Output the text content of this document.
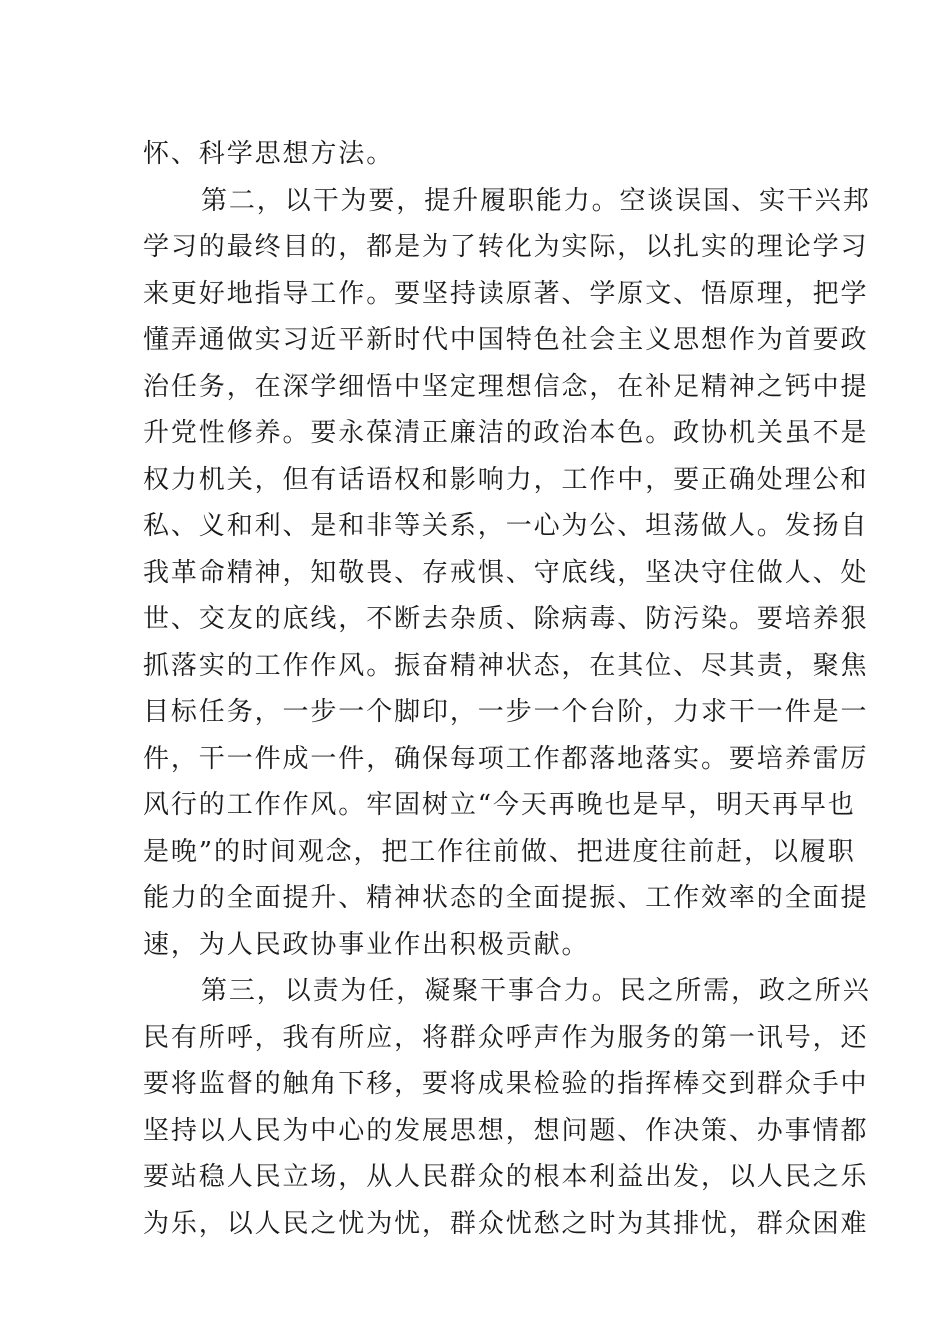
怀、科学思想方法。
第二，以干为要，提升履职能力。空谈误国、实干兴邦
学习的最终目的，都是为了转化为实际，以扎实的理论学习
来更好地指导工作。要坚持读原著、学原文、悟原理，把学
懂弄通做实习近平新时代中国特色社会主义思想作为首要政
治任务，在深学细悟中坚定理想信念，在补足精神之钙中提
升党性修养。要永葆清正廉洁的政治本色。政协机关虽不是
权力机关，但有话语权和影响力，工作中，要正确处理公和
私、义和利、是和非等关系，一心为公、坦荡做人。发扬自
我革命精神，知敬畏、存戒惧、守底线，坚决守住做人、处
世、交友的底线，不断去杂质、除病毒、防污染。要培养狠
抓落实的工作作风。振奋精神状态，在其位、尽其责，聚焦
目标任务，一步一个脚印，一步一个台阶，力求干一件是一
件，干一件成一件，确保每项工作都落地落实。要培养雷厉
风行的工作作风。牢固树立“今天再晚也是早，明天再早也
是晚”的时间观念，把工作往前做、把进度往前赶，以履职
能力的全面提升、精神状态的全面提振、工作效率的全面提
速，为人民政协事业作出积极贡献。
第三，以责为任，凝聚干事合力。民之所需，政之所兴
民有所呼，我有所应，将群众呼声作为服务的第一讯号，还
要将监督的触角下移，要将成果检验的指挥棒交到群众手中
坚持以人民为中心的发展思想，想问题、作决策、办事情都
要站稳人民立场，从人民群众的根本利益出发，以人民之乐
为乐，以人民之忧为忧，群众忧愁之时为其排忧，群众困难
